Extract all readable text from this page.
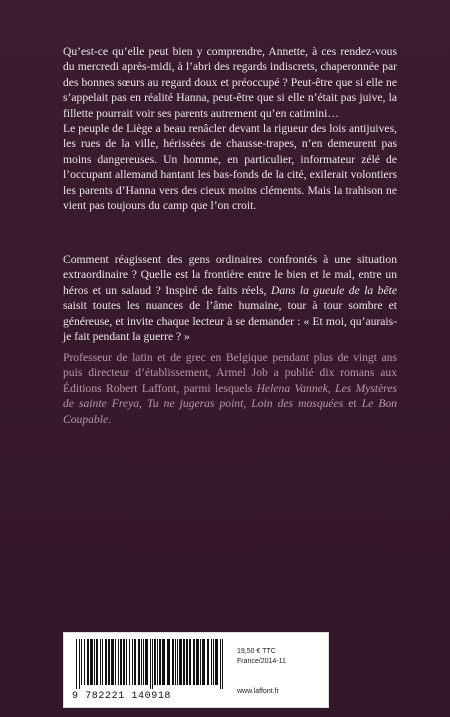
Qu’est-ce qu’elle peut bien y comprendre, Annette, à ces rendez-vous du mercredi après-midi, à l’abri des regards indiscrets, chaperonnée par des bonnes sœurs au regard doux et préoccupé ? Peut-être que si elle ne s’appelait pas en réalité Hanna, peut-être que si elle n’était pas juive, la fillette pourrait voir ses parents autrement qu’en catimini…

Le peuple de Liège a beau renâcler devant la rigueur des lois antijuives, les rues de la ville, hérissées de chausse-trapes, n’en demeurent pas moins dangereuses. Un homme, en particulier, informateur zélé de l’occupant allemand hantant les bas-fonds de la cité, exilerait volontiers les parents d’Hanna vers des cieux moins cléments. Mais la trahison ne vient pas toujours du camp que l’on croit.

Comment réagissent des gens ordinaires confrontés à une situation extraordinaire ? Quelle est la frontière entre le bien et le mal, entre un héros et un salaud ? Inspiré de faits réels, Dans la gueule de la bête saisit toutes les nuances de l’âme humaine, tour à tour sombre et généreuse, et invite chaque lecteur à se demander : « Et moi, qu’aurais-je fait pendant la guerre ? »

Professeur de latin et de grec en Belgique pendant plus de vingt ans puis directeur d’établissement, Armel Job a publié dix romans aux Éditions Robert Laffont, parmi lesquels Helena Vannek, Les Mystères de sainte Freya, Tu ne jugeras point, Loin des mosquées et Le Bon Coupable.

9 782221 140918
19,50 € TTC
France/2014-11
www.laffont.fr
